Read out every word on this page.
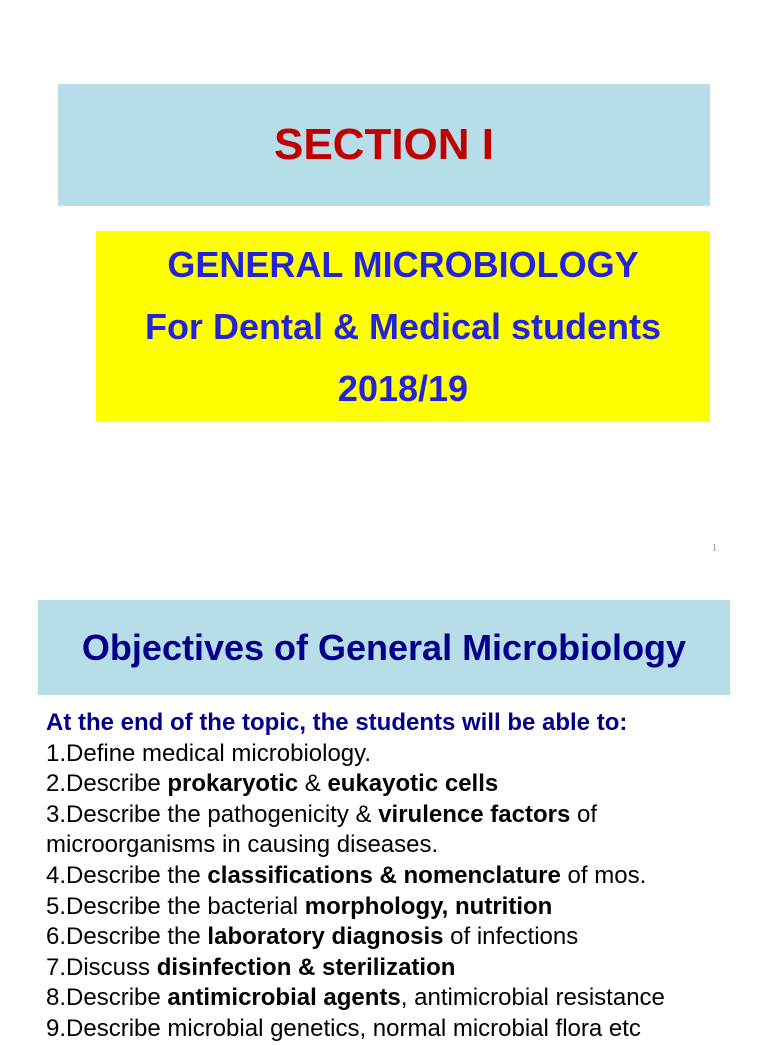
SECTION I
GENERAL MICROBIOLOGY
For Dental & Medical students
2018/19
1
Objectives of General Microbiology
At the end of the topic, the students will be able to:
1.Define medical microbiology.
2.Describe prokaryotic & eukayotic cells
3.Describe the pathogenicity & virulence factors of
microorganisms in causing diseases.
4.Describe the classifications & nomenclature of mos.
5.Describe the bacterial morphology, nutrition
6.Describe the laboratory diagnosis of infections
7.Discuss disinfection & sterilization
8.Describe antimicrobial agents, antimicrobial resistance
9.Describe microbial genetics, normal microbial flora etc
